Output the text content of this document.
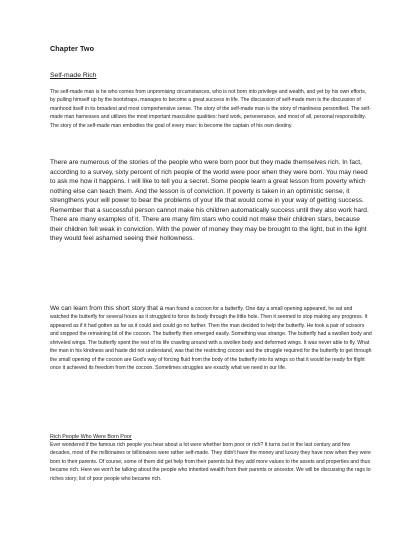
Chapter Two
Self-made Rich

The self-made man is he who comes from unpromising circumstances, who is not born into privilege and wealth, and yet by his own efforts, by pulling himself up by the bootstraps, manages to become a great success in life. The discussion of self-made men is the discussion of manhood itself in its broadest and most comprehensive sense. The story of the self-made man is the story of manliness personified. The self-made man harnesses and utilizes the most important masculine qualities: hard work, perseverance, and most of all, personal responsibility. The story of the self-made man embodies the goal of every man: to become the captain of his own destiny.

There are numerous of the stories of the people who were born poor but they made themselves rich. In fact, according to a survey, sixty percent of rich people of the world were poor when they were born. You may need to ask me how it happens. I will like to tell you a secret. Some people learn a great lesson from poverty which nothing else can teach them. And the lesson is of conviction. If poverty is taken in an optimistic sense, it strengthens your will power to bear the problems of your life that would come in your way of getting success. Remember that a successful person cannot make his children automatically success until they also work hard. There are many examples of it. There are many film stars who could not make their children stars, because their children fell weak in conviction. With the power of money they may be brought to the light, but in the light they would feel ashamed seeing their hollowness.

We can learn from this short story that a man found a cocoon for a butterfly. One day a small opening appeared, he sat and watched the butterfly for several hours as it struggled to force its body through the little hole. Then it seemed to stop making any progress. It appeared as if it had gotten as far as it could and could go no farther. Then the man decided to help the butterfly. He took a pair of scissors and snipped the remaining bit of the cocoon. The butterfly then emerged easily. Something was strange. The butterfly had a swollen body and shriveled wings. The butterfly spent the rest of its life crawling around with a swollen body and deformed wings. It was never able to fly. What the man in his kindness and haste did not understand, was that the restricting cocoon and the struggle required for the butterfly to get through the small opening of the cocoon are God's way of forcing fluid from the body of the butterfly into its wings so that it would be ready for flight once it achieved its freedom from the cocoon. Sometimes struggles are exactly what we need in our life.

Rich People Who Were Born Poor

Ever wondered if the famous rich people you hear about a lot were whether born poor or rich? It turns out in the last century and few decades, most of the millionaires or billionaires were rather self-made. They didn't have the money and luxury they have now when they were born to their parents. Of course, some of them did get help from their parents but they add more values to the assets and properties and thus became rich. Here we won't be talking about the people who inherited wealth from their parents or ancestor. We will be discussing the rags to riches story; list of poor people who became rich.
